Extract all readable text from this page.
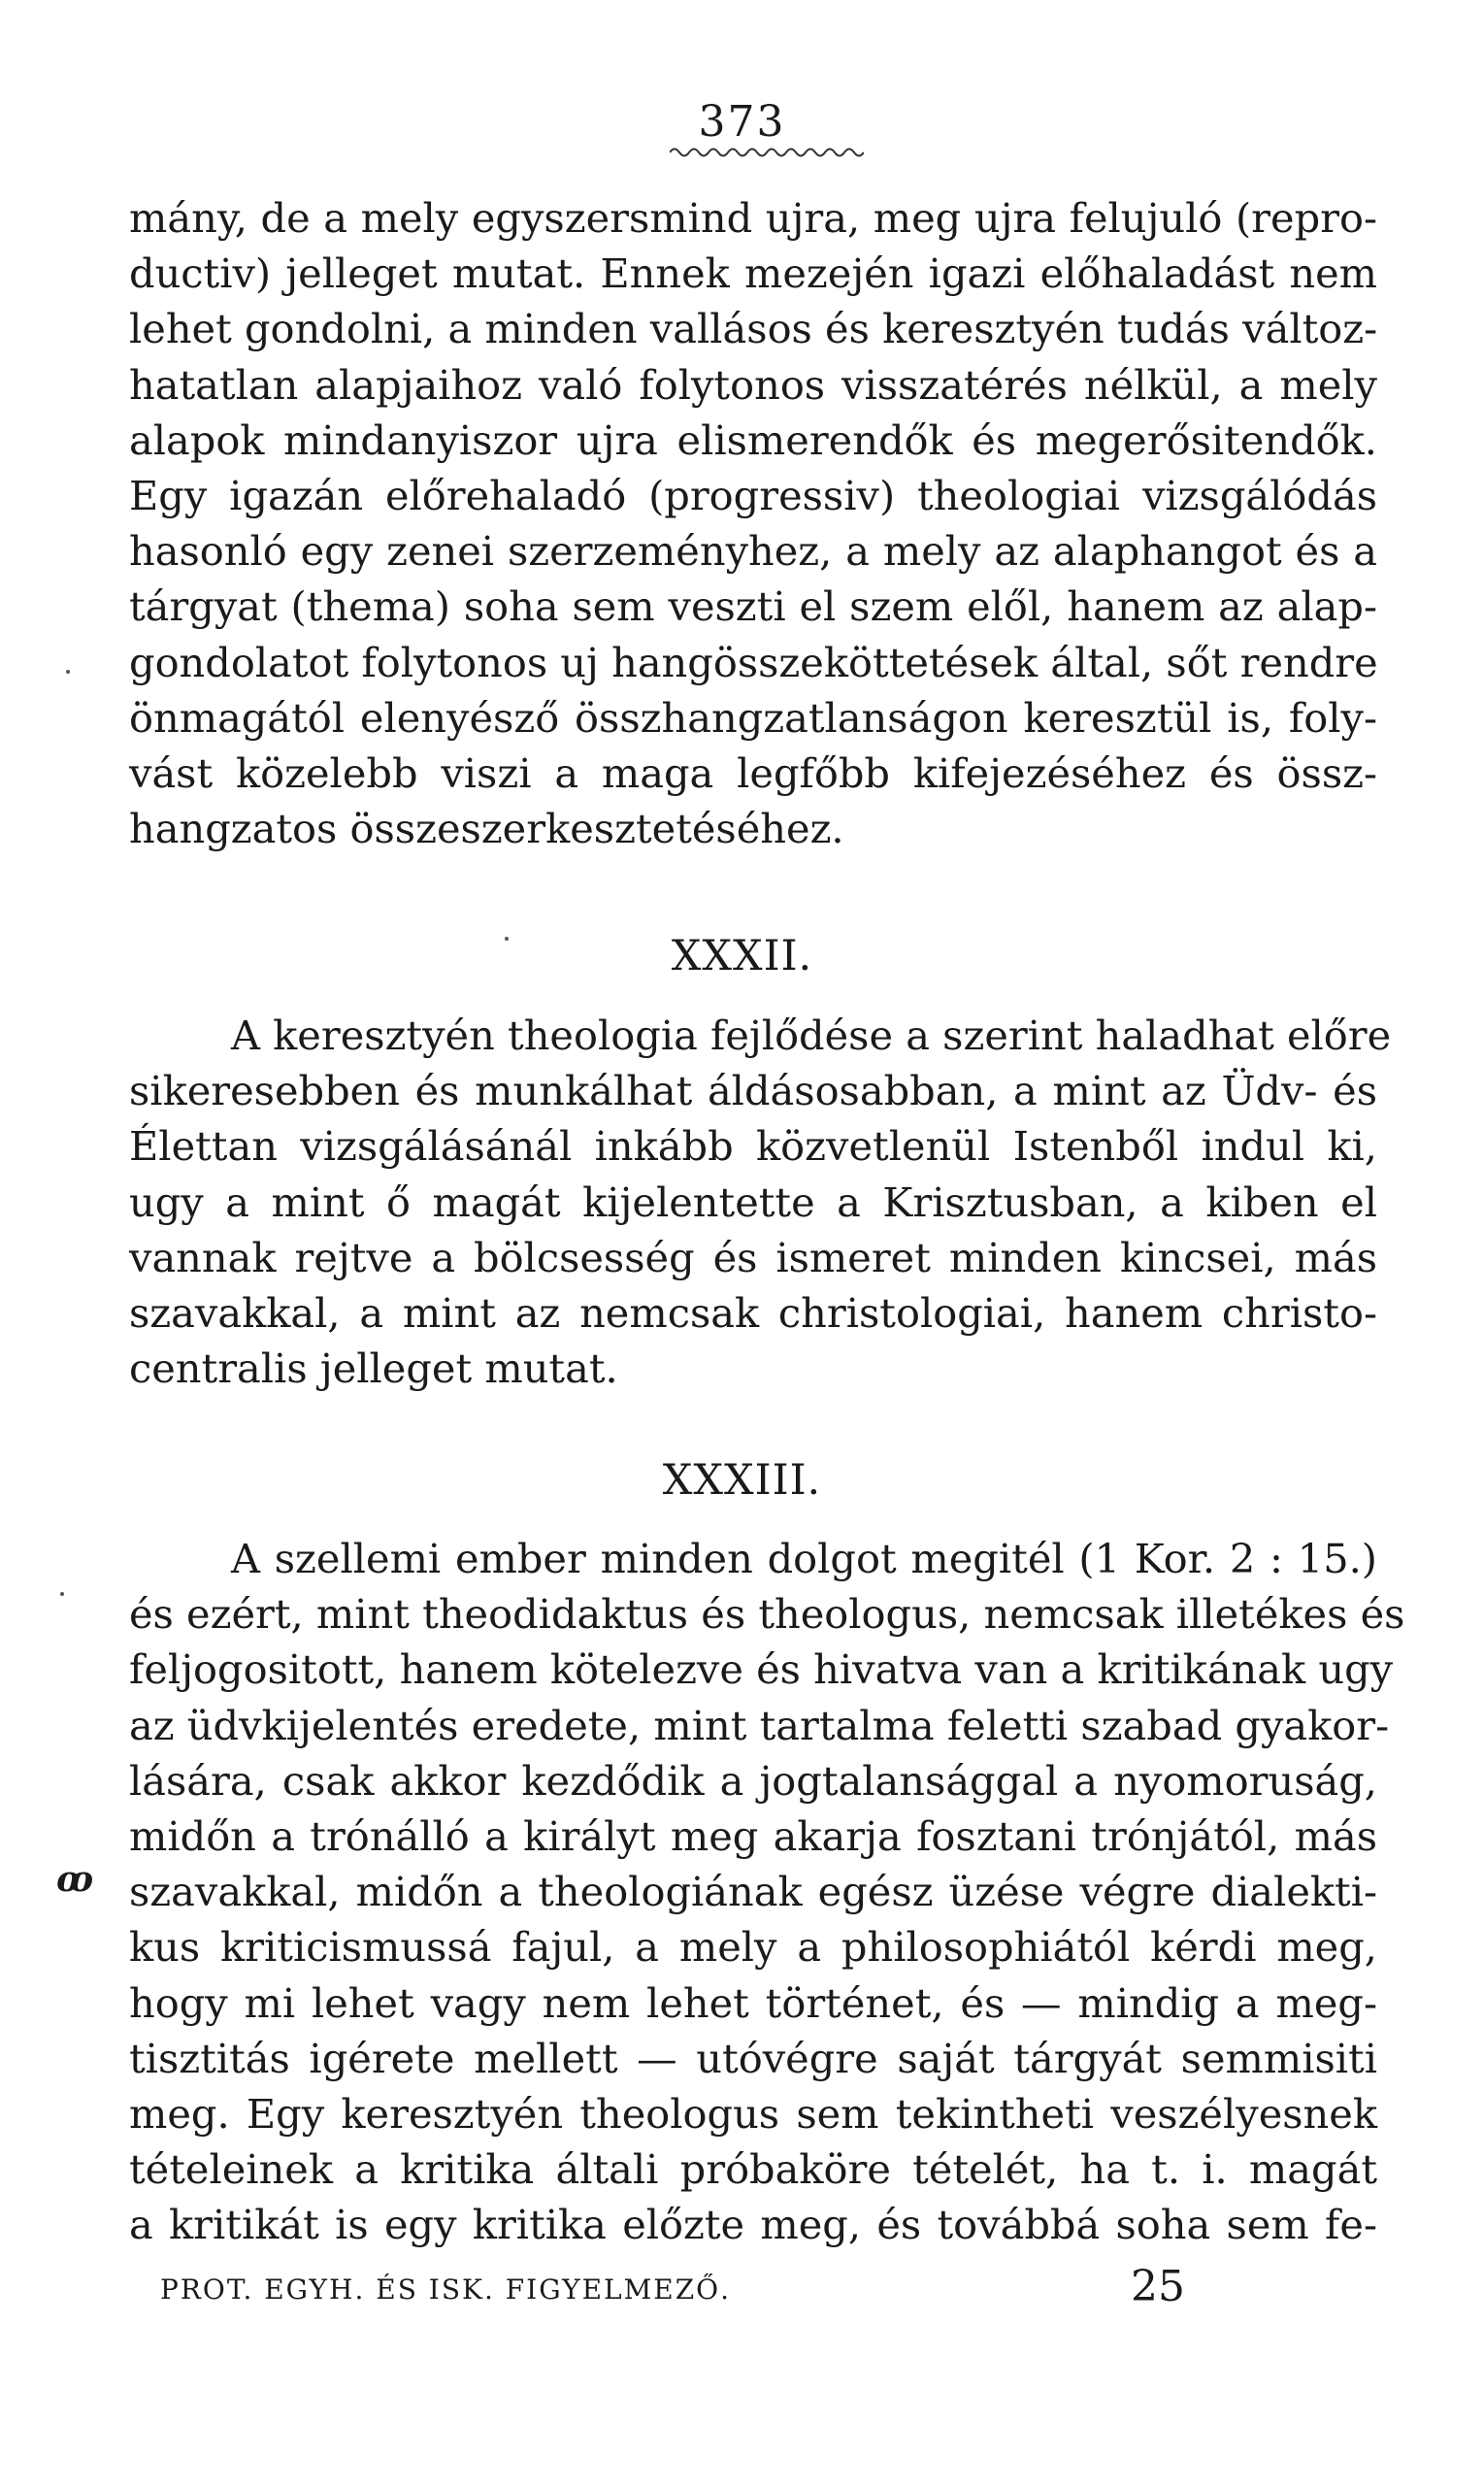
373
mány, de a mely egyszersmind ujra, meg ujra felujuló (repro-
ductiv) jelleget mutat. Ennek mezején igazi előhaladást nem
lehet gondolni, a minden vallásos és keresztyén tudás változ-
hatatlan alapjaihoz való folytonos visszatérés nélkül, a mely
alapok mindanyiszor ujra elismerendők és megerősitendők.
Egy igazán előrehaladó (progressiv) theologiai vizsgálódás
hasonló egy zenei szerzeményhez, a mely az alaphangot és a
tárgyat (thema) soha sem veszti el szem elől, hanem az alap-
gondolatot folytonos uj hangösszeköttetések által, sőt rendre
önmagától elenyésző összhangzatlanságon keresztül is, foly-
vást közelebb viszi a maga legfőbb kifejezéséhez és össz-
hangzatos összeszerkesztetéséhez.
XXXII.
A keresztyén theologia fejlődése a szerint haladhat előre
sikeresebben és munkálhat áldásosabban, a mint az Üdv- és
Élettan vizsgálásánál inkább közvetlenül Istenből indul ki,
ugy a mint ő magát kijelentette a Krisztusban, a kiben el
vannak rejtve a bölcsesség és ismeret minden kincsei, más
szavakkal, a mint az nemcsak christologiai, hanem christo-
centralis jelleget mutat.
XXXIII.
A szellemi ember minden dolgot megitél (1 Kor. 2 : 15.)
és ezért, mint theodidaktus és theologus, nemcsak illetékes és
feljogositott, hanem kötelezve és hivatva van a kritikának ugy
az üdvkijelentés eredete, mint tartalma feletti szabad gyakor-
lására, csak akkor kezdődik a jogtalansággal a nyomoruság,
midőn a trónálló a királyt meg akarja fosztani trónjától, más
szavakkal, midőn a theologiának egész üzése végre dialekti-
kus kriticismussá fajul, a mely a philosophiától kérdi meg,
hogy mi lehet vagy nem lehet történet, és — mindig a meg-
tisztitás igérete mellett — utóvégre saját tárgyát semmisiti
meg. Egy keresztyén theologus sem tekintheti veszélyesnek
tételeinek a kritika általi próbaköre tételét, ha t. i. magát
a kritikát is egy kritika előzte meg, és továbbá soha sem fe-
ꝏ
PROT. EGYH. ÉS ISK. FIGYELMEZŐ.	25
